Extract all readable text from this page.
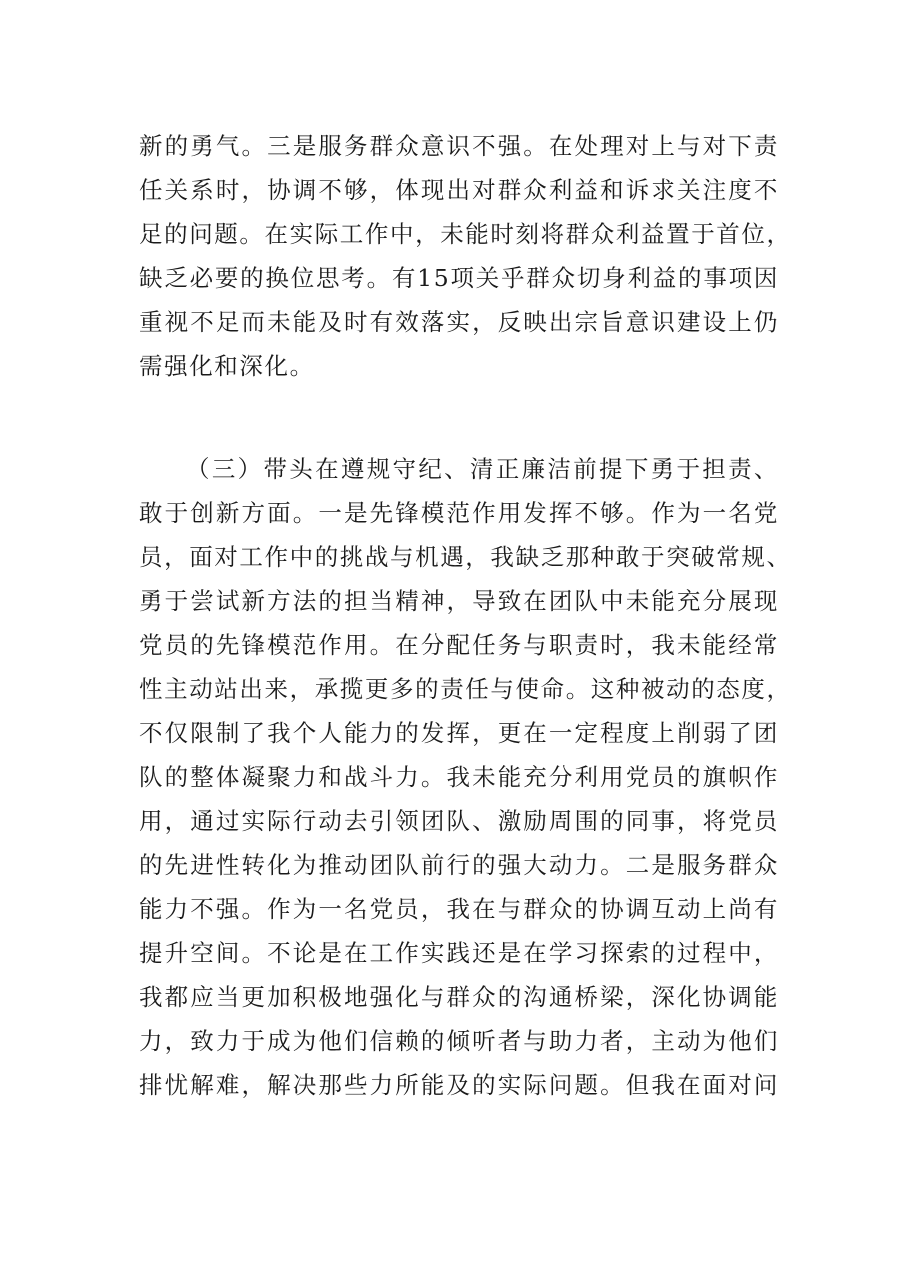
新的勇气。三是服务群众意识不强。在处理对上与对下责
任关系时，协调不够，体现出对群众利益和诉求关注度不
足的问题。在实际工作中，未能时刻将群众利益置于首位，
缺乏必要的换位思考。有15项关乎群众切身利益的事项因
重视不足而未能及时有效落实，反映出宗旨意识建设上仍
需强化和深化。
（三）带头在遵规守纪、清正廉洁前提下勇于担责、
敢于创新方面。一是先锋模范作用发挥不够。作为一名党
员，面对工作中的挑战与机遇，我缺乏那种敢于突破常规、
勇于尝试新方法的担当精神，导致在团队中未能充分展现
党员的先锋模范作用。在分配任务与职责时，我未能经常
性主动站出来，承揽更多的责任与使命。这种被动的态度，
不仅限制了我个人能力的发挥，更在一定程度上削弱了团
队的整体凝聚力和战斗力。我未能充分利用党员的旗帜作
用，通过实际行动去引领团队、激励周围的同事，将党员
的先进性转化为推动团队前行的强大动力。二是服务群众
能力不强。作为一名党员，我在与群众的协调互动上尚有
提升空间。不论是在工作实践还是在学习探索的过程中，
我都应当更加积极地强化与群众的沟通桥梁，深化协调能
力，致力于成为他们信赖的倾听者与助力者，主动为他们
排忧解难，解决那些力所能及的实际问题。但我在面对问
